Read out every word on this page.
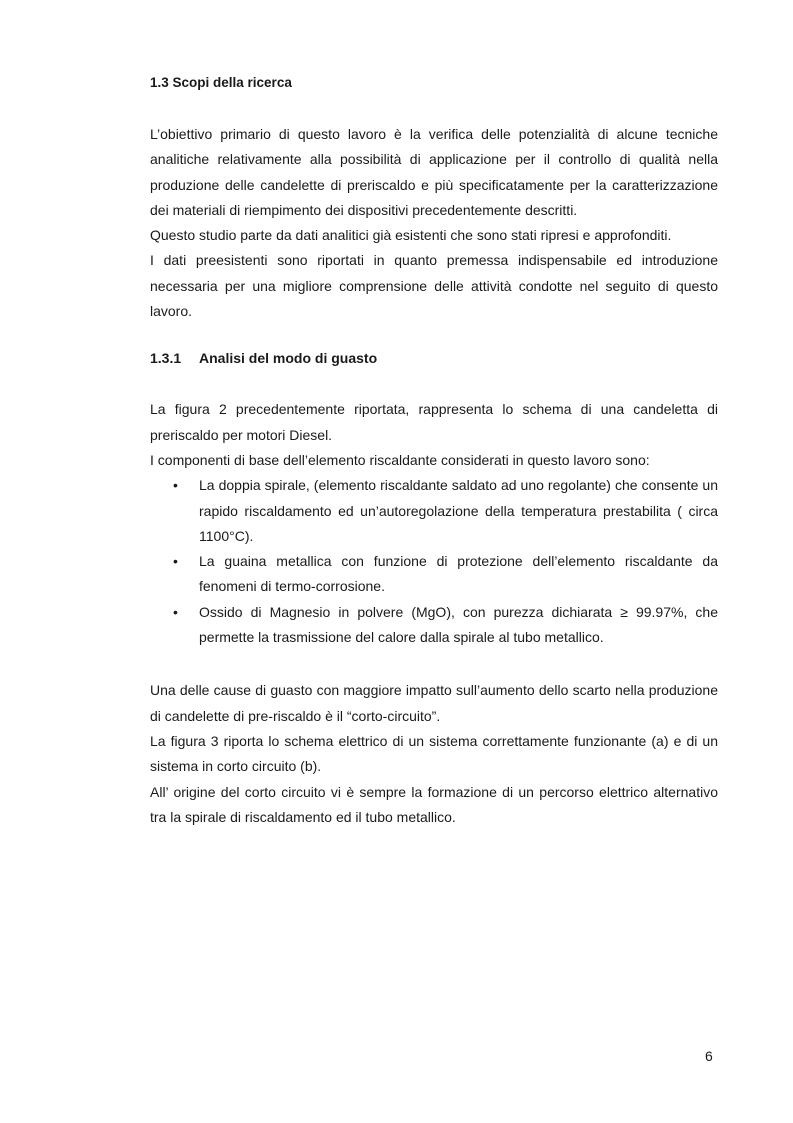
1.3 Scopi della ricerca

L’obiettivo primario di questo lavoro è la verifica delle potenzialità di alcune tecniche analitiche relativamente alla possibilità di applicazione per il controllo di qualità nella produzione delle candelette di preriscaldo e più specificatamente per la caratterizzazione dei materiali di riempimento dei dispositivi precedentemente descritti.

Questo studio parte da dati analitici già esistenti che sono stati ripresi e approfonditi.

I dati preesistenti sono riportati in quanto premessa indispensabile ed introduzione necessaria per una migliore comprensione delle attività condotte nel seguito di questo lavoro.

1.3.1	Analisi del modo di guasto

La figura 2 precedentemente riportata, rappresenta lo schema di una candeletta di preriscaldo per motori Diesel.

I componenti di base dell’elemento riscaldante considerati in questo lavoro sono:

• La doppia spirale, (elemento riscaldante saldato ad uno regolante) che consente un rapido riscaldamento ed un’autoregolazione della temperatura prestabilita ( circa 1100°C).
• La guaina metallica con funzione di protezione dell’elemento riscaldante da fenomeni di termo-corrosione.
• Ossido di Magnesio in polvere (MgO), con purezza dichiarata ≥ 99.97%, che permette la trasmissione del calore dalla spirale al tubo metallico.

Una delle cause di guasto con maggiore impatto sull’aumento dello scarto nella produzione di candelette di pre-riscaldo è il “corto-circuito”.

La figura 3 riporta lo schema elettrico di un sistema correttamente funzionante (a) e di un sistema in corto circuito (b).

All’ origine del corto circuito vi è sempre la formazione di un percorso elettrico alternativo tra la spirale di riscaldamento ed il tubo metallico.

6
